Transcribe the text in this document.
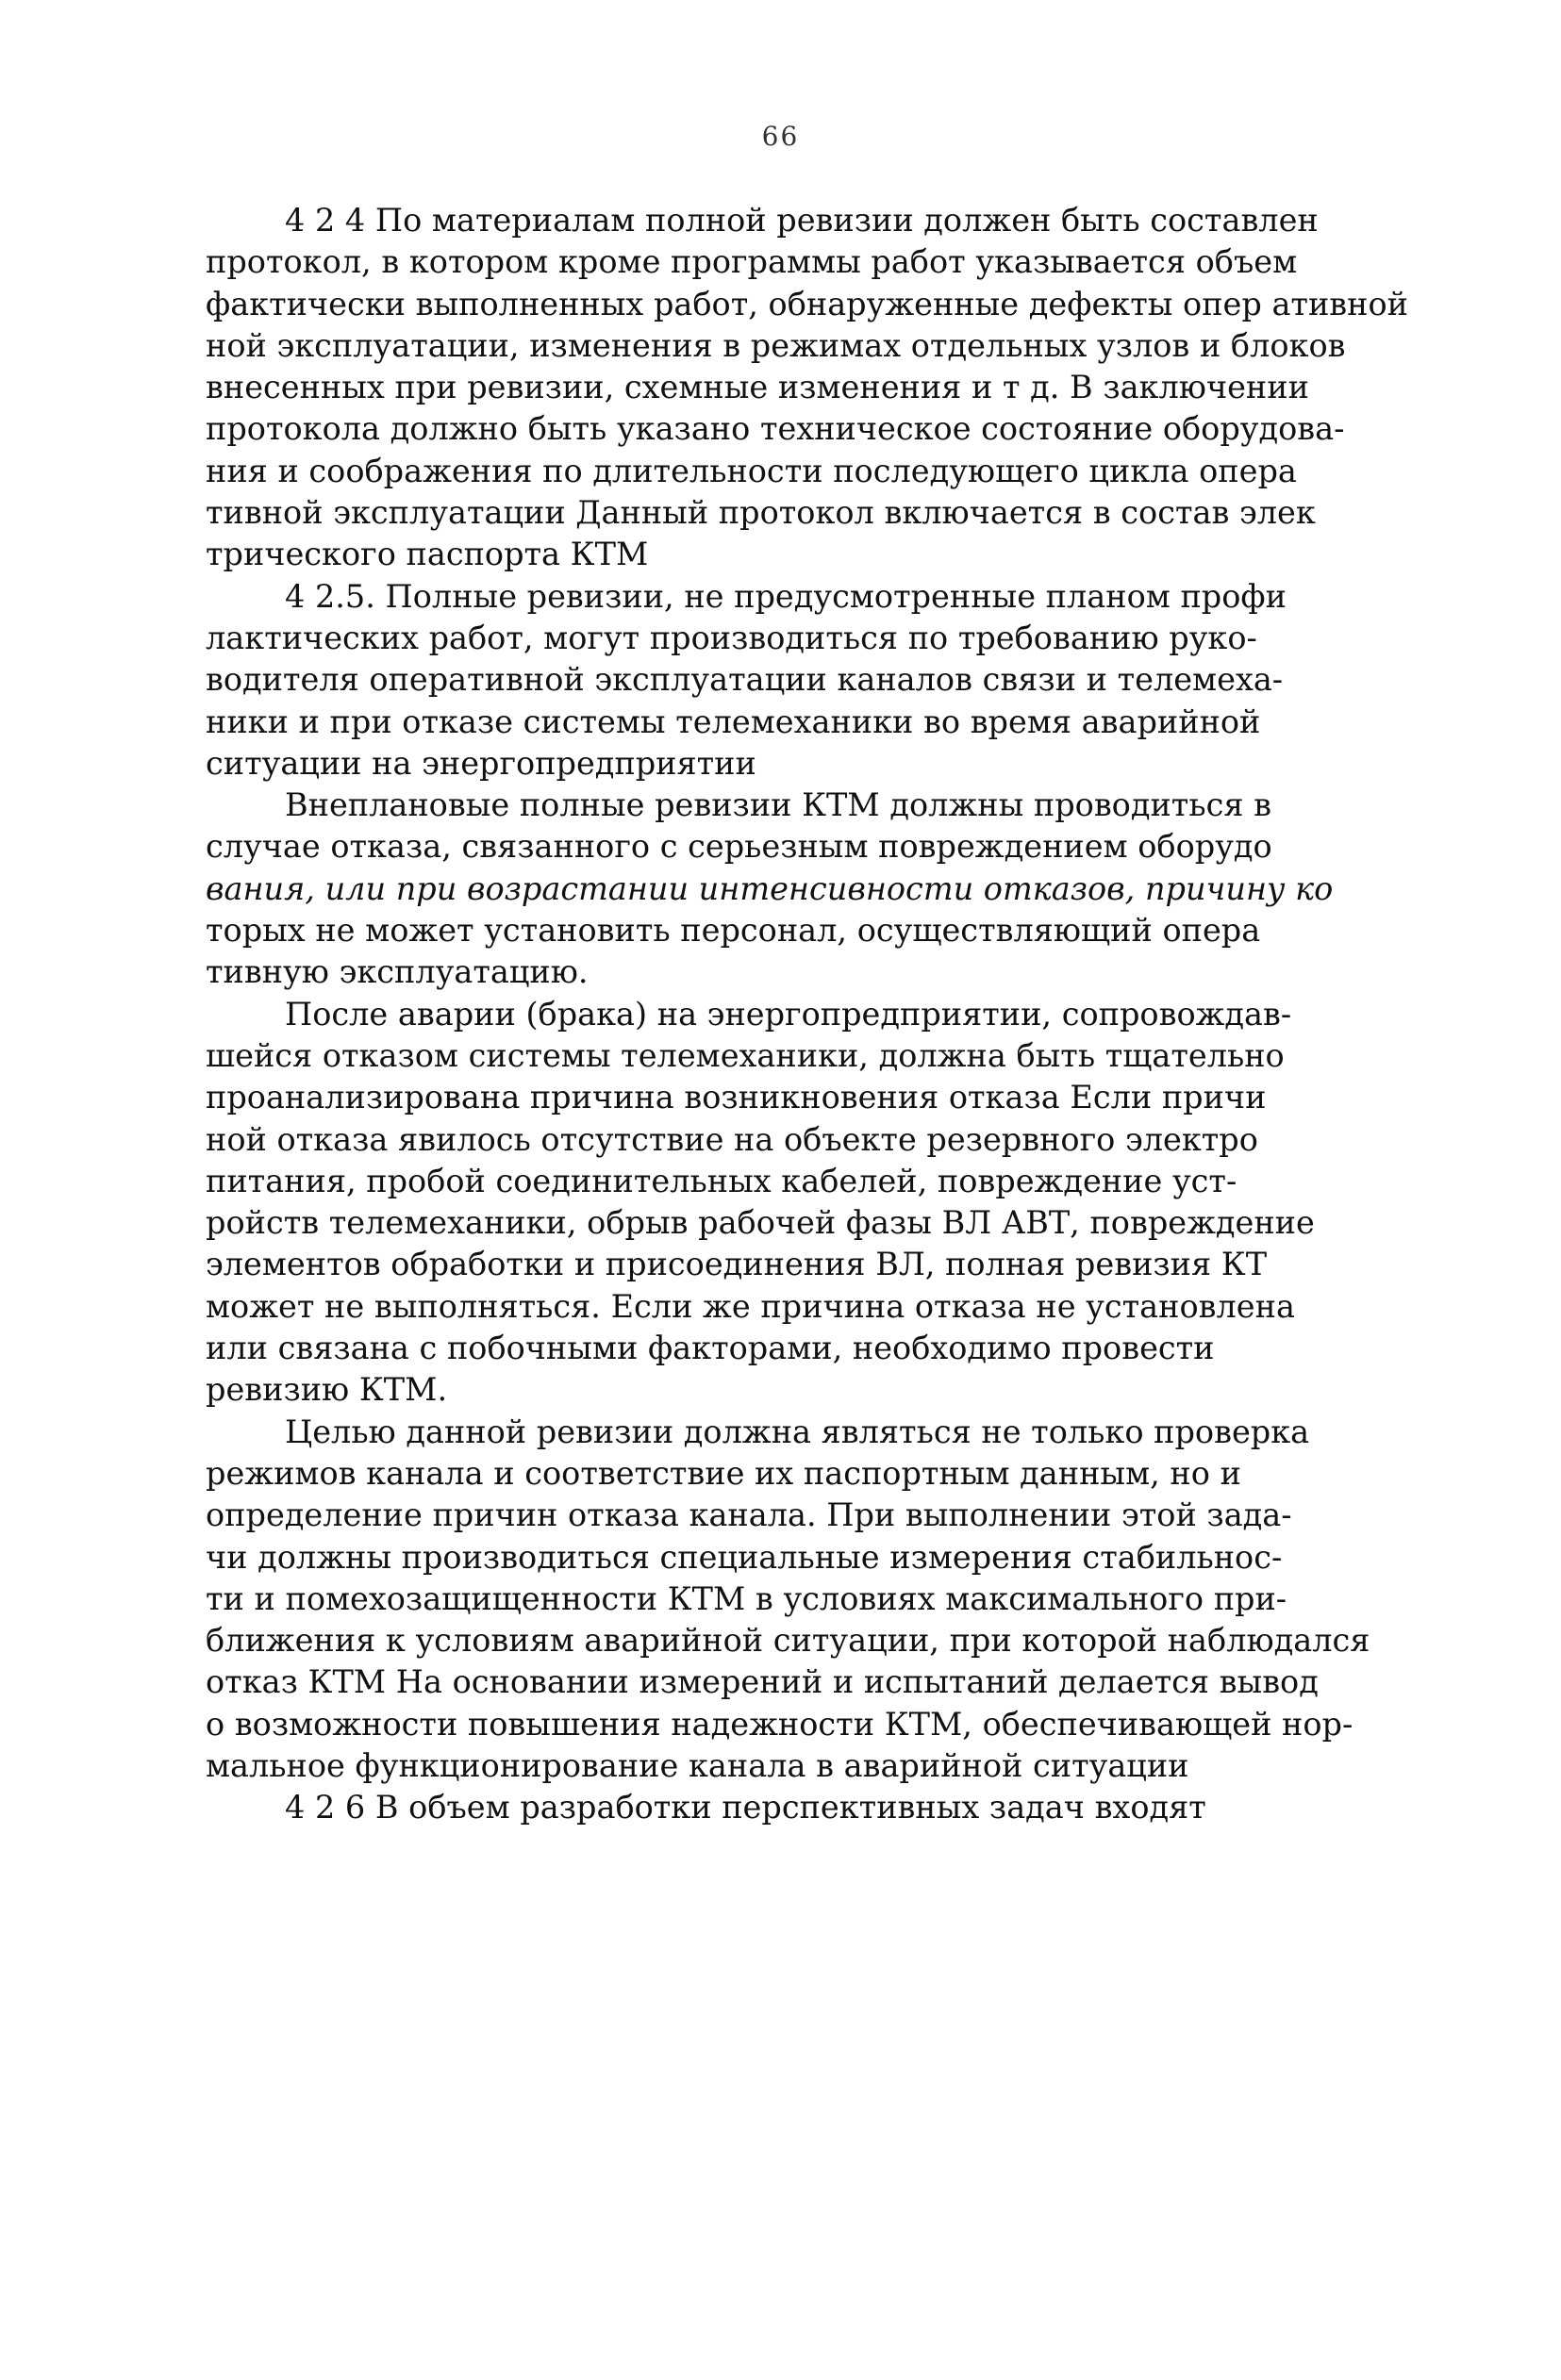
66
4 2 4 По материалам полной ревизии должен быть составлен
протокол, в котором кроме программы работ указывается объем
фактически выполненных работ, обнаруженные дефекты опер ативной
ной эксплуатации, изменения в режимах отдельных узлов и блоков
внесенных при ревизии, схемные изменения и т д. В заключении
протокола должно быть указано техническое состояние оборудова-
ния и соображения по длительности последующего цикла опера
тивной эксплуатации Данный протокол включается в состав элек
трического паспорта КТМ
4 2.5. Полные ревизии, не предусмотренные планом профи
лактических работ, могут производиться по требованию руко-
водителя оперативной эксплуатации каналов связи и телемеха-
ники и при отказе системы телемеханики во время аварийной
ситуации на энергопредприятии
Внеплановые полные ревизии КТМ должны проводиться в
случае отказа, связанного с серьезным повреждением оборудо
вания, или при возрастании интенсивности отказов, причину ко
торых не может установить персонал, осуществляющий опера
тивную эксплуатацию.
После аварии (брака) на энергопредприятии, сопровождав-
шейся отказом системы телемеханики, должна быть тщательно
проанализирована причина возникновения отказа Если причи
ной отказа явилось отсутствие на объекте резервного электро
питания, пробой соединительных кабелей, повреждение уст-
ройств телемеханики, обрыв рабочей фазы ВЛ АВТ, повреждение
элементов обработки и присоединения ВЛ, полная ревизия КТ
может не выполняться. Если же причина отказа не установлена
или связана с побочными факторами, необходимо провести
ревизию КТМ.
Целью данной ревизии должна являться не только проверка
режимов канала и соответствие их паспортным данным, но и
определение причин отказа канала. При выполнении этой зада-
чи должны производиться специальные измерения стабильнос-
ти и помехозащищенности КТМ в условиях максимального при-
ближения к условиям аварийной ситуации, при которой наблюдался
отказ КТМ На основании измерений и испытаний делается вывод
о возможности повышения надежности КТМ, обеспечивающей нор-
мальное функционирование канала в аварийной ситуации
4 2 6 В объем разработки перспективных задач входят
